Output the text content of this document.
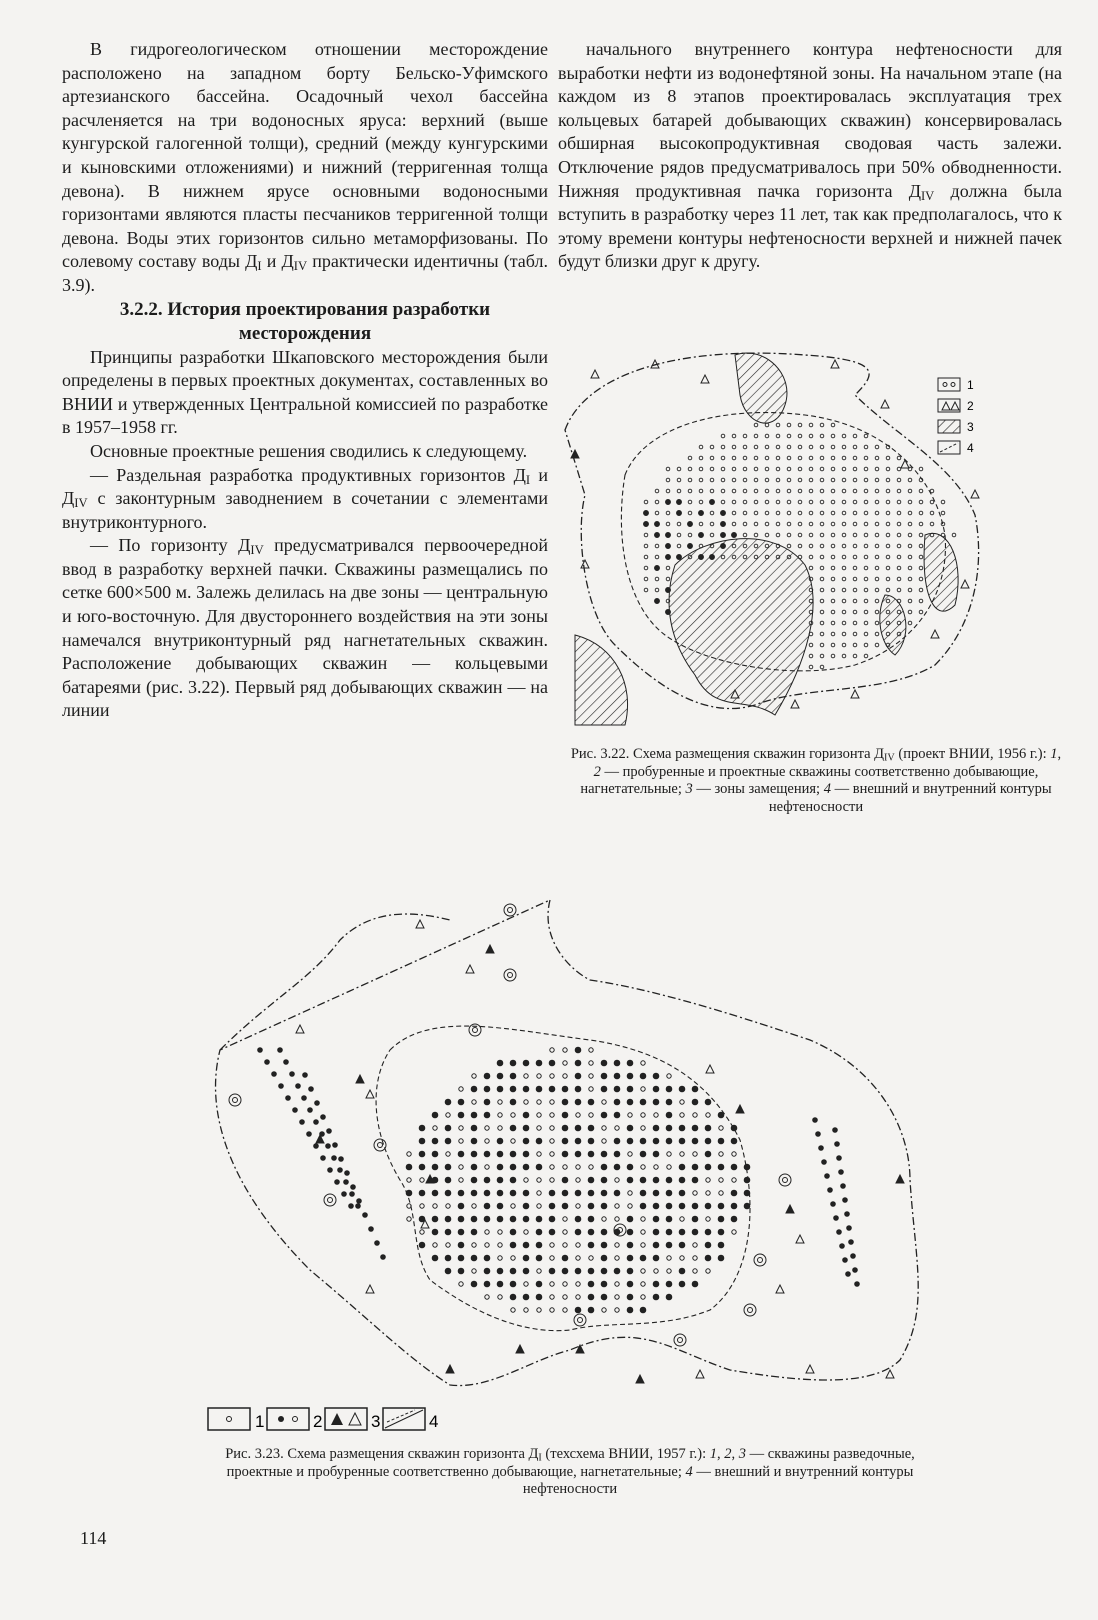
В гидрогеологическом отношении месторождение расположено на западном борту Бельско-Уфимского артезианского бассейна. Осадочный чехол бассейна расчленяется на три водоносных яруса: верхний (выше кунгурской галогенной толщи), средний (между кунгурскими и кыновскими отложениями) и нижний (терригенная толща девона). В нижнем ярусе основными водоносными горизонтами являются пласты песчаников терригенной толщи девона. Воды этих горизонтов сильно метаморфизованы. По солевому составу воды $Д_I$ и $Д_{IV}$ практически идентичны (табл. 3.9).

3.2.2. История проектирования разработки месторождения

Принципы разработки Шкаповского месторождения были определены в первых проектных документах, составленных во ВНИИ и утвержденных Центральной комиссией по разработке в 1957–1958 гг.

Основные проектные решения сводились к следующему.

— Раздельная разработка продуктивных горизонтов $Д_I$ и $Д_{IV}$ с законтурным заводнением в сочетании с элементами внутриконтурного.

— По горизонту $Д_{IV}$ предусматривался первоочередной ввод в разработку верхней пачки. Скважины размещались по сетке 600×500 м. Залежь делилась на две зоны — центральную и юго-восточную. Для двустороннего воздействия на эти зоны намечался внутриконтурный ряд нагнетательных скважин. Расположение добывающих скважин — кольцевыми батареями (рис. 3.22). Первый ряд добывающих скважин — на линии

начального внутреннего контура нефтеносности для выработки нефти из водонефтяной зоны. На начальном этапе (на каждом из 8 этапов проектировалась эксплуатация трех кольцевых батарей добывающих скважин) консервировалась обширная высокопродуктивная сводовая часть залежи. Отключение рядов предусматривалось при 50% обводненности. Нижняя продуктивная пачка горизонта $Д_{IV}$ должна была вступить в разработку через 11 лет, так как предполагалось, что к этому времени контуры нефтеносности верхней и нижней пачек будут близки друг к другу.

1
2
3
4
Рис. 3.22. Схема размещения скважин горизонта $Д_{IV}$ (проект ВНИИ, 1956 г.): 1, 2 — пробуренные и проектные скважины соответственно добывающие, нагнетательные; 3 — зоны замещения; 4 — внешний и внутренний контуры нефтеносности
1	2	3	4
Рис. 3.23. Схема размещения скважин горизонта $Д_I$ (техсхема ВНИИ, 1957 г.): 1, 2, 3 — скважины разведочные, проектные и пробуренные соответственно добывающие, нагнетательные; 4 — внешний и внутренний контуры нефтеносности
114
